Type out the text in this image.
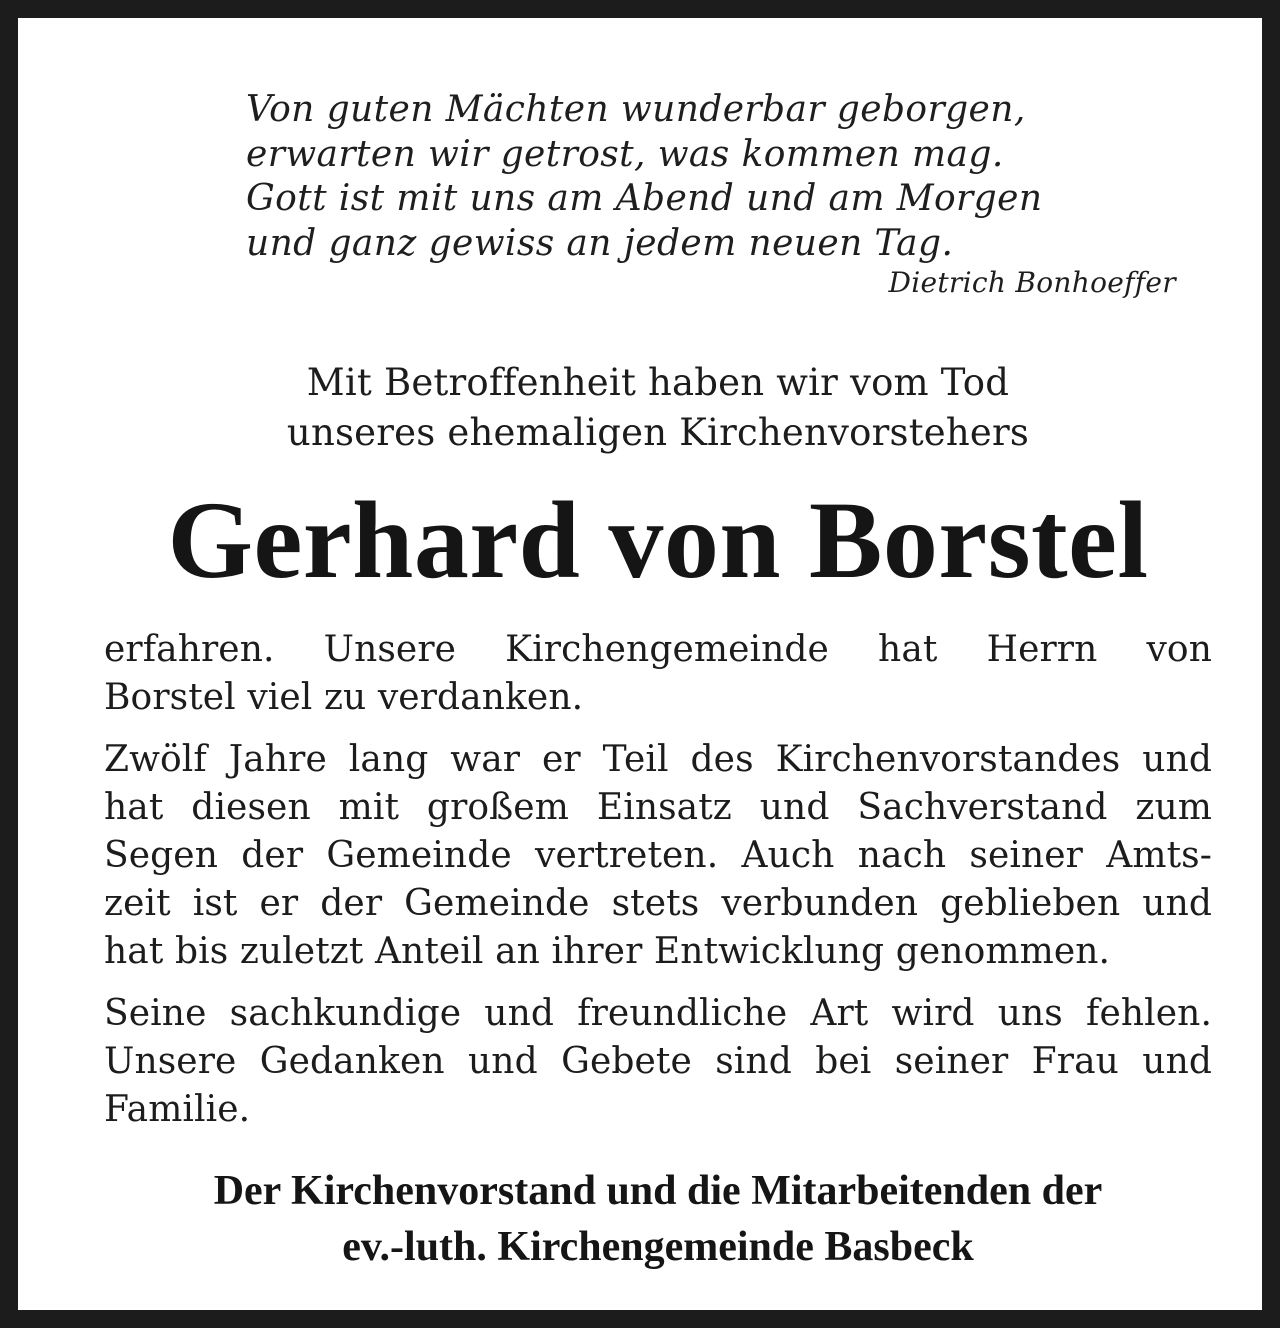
Von guten Mächten wunderbar geborgen,
erwarten wir getrost, was kommen mag.
Gott ist mit uns am Abend und am Morgen
und ganz gewiss an jedem neuen Tag.
Dietrich Bonhoeffer
Mit Betroffenheit haben wir vom Tod
unseres ehemaligen Kirchenvorstehers
Gerhard von Borstel
erfahren. Unsere Kirchengemeinde hat Herrn von
Borstel viel zu verdanken.
Zwölf Jahre lang war er Teil des Kirchenvorstandes und
hat diesen mit großem Einsatz und Sachverstand zum
Segen der Gemeinde vertreten. Auch nach seiner Amts-
zeit ist er der Gemeinde stets verbunden geblieben und
hat bis zuletzt Anteil an ihrer Entwicklung genommen.
Seine sachkundige und freundliche Art wird uns fehlen.
Unsere Gedanken und Gebete sind bei seiner Frau und
Familie.
Der Kirchenvorstand und die Mitarbeitenden der
ev.-luth. Kirchengemeinde Basbeck
